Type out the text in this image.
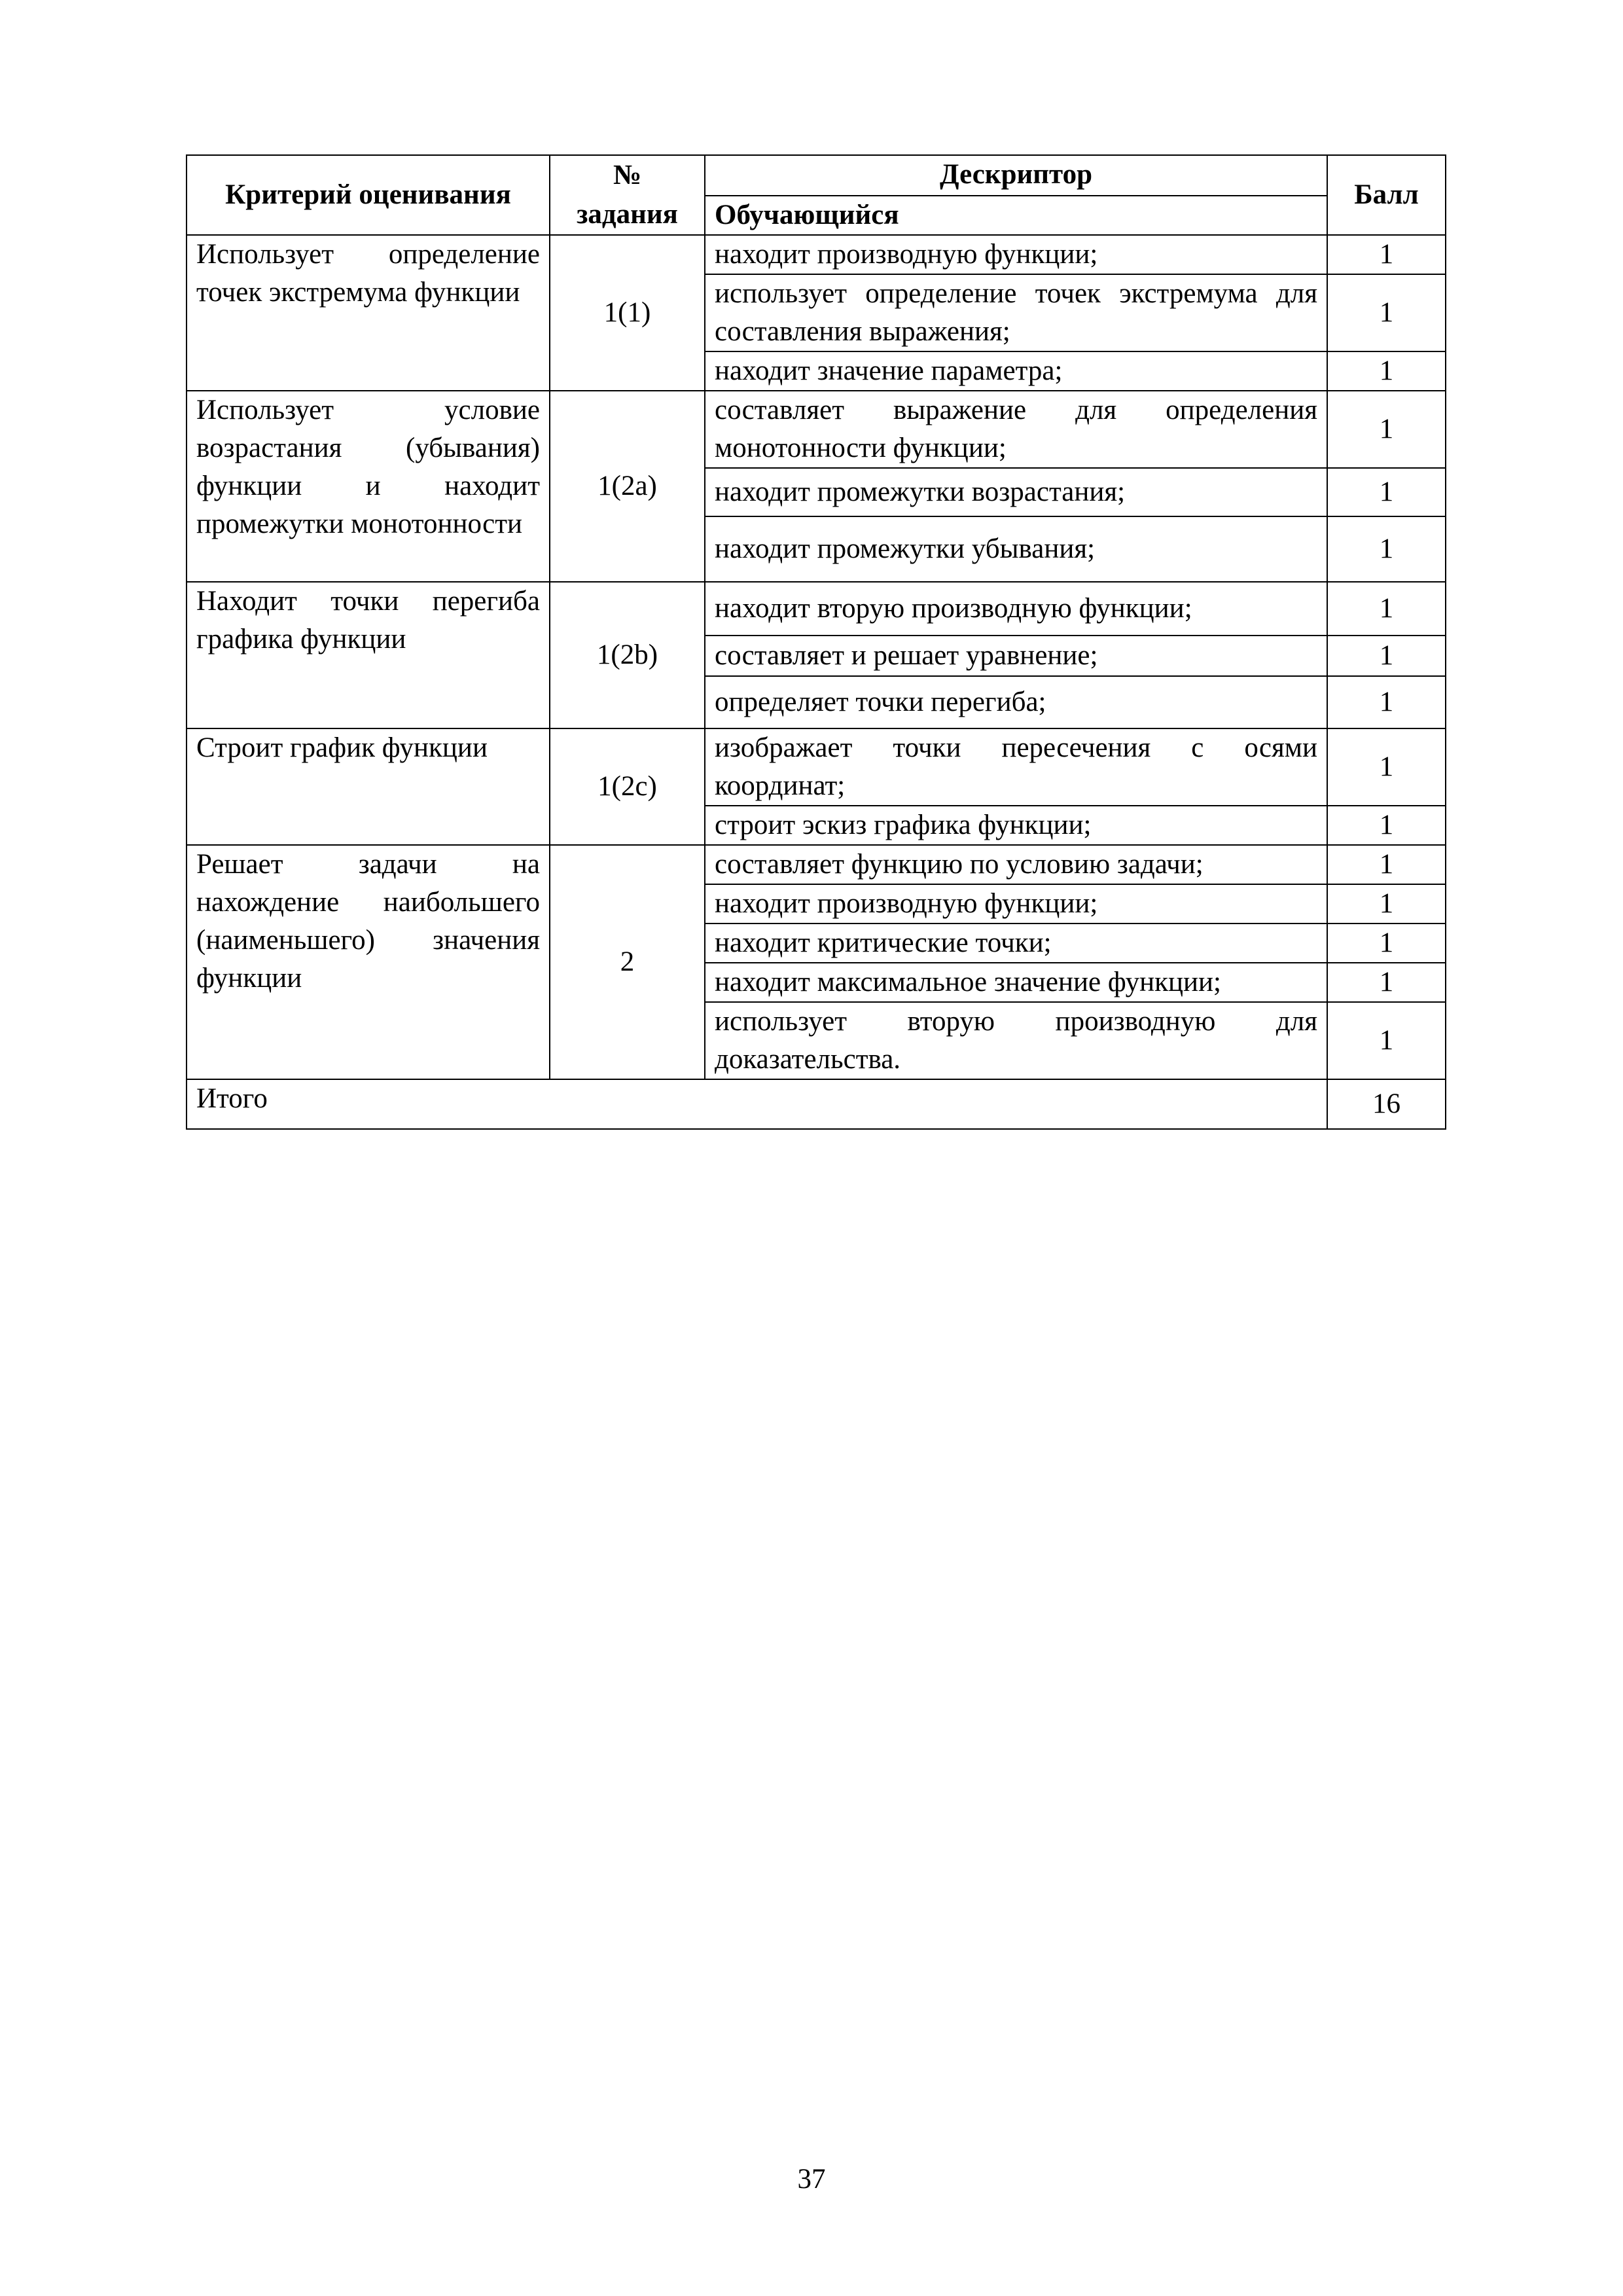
Критерий оценивания	№ задания	Дескриптор	Балл
		Обучающийся	
Использует определение точек экстремума функции	1(1)	находит производную функции;	1
		использует определение точек экстремума для составления выражения;	1
		находит значение параметра;	1
Использует условие возрастания (убывания) функции и находит промежутки монотонности	1(2a)	составляет выражение для определения монотонности функции;	1
		находит промежутки возрастания;	1
		находит промежутки убывания;	1
Находит точки перегиба графика функции	1(2b)	находит вторую производную функции;	1
		составляет и решает уравнение;	1
		определяет точки перегиба;	1
Строит график функции	1(2c)	изображает точки пересечения с осями координат;	1
		строит эскиз графика функции;	1
Решает задачи на нахождение наибольшего (наименьшего) значения функции	2	составляет функцию по условию задачи;	1
		находит производную функции;	1
		находит критические точки;	1
		находит максимальное значение функции;	1
		использует вторую производную для доказательства.	1
Итого			16
37
